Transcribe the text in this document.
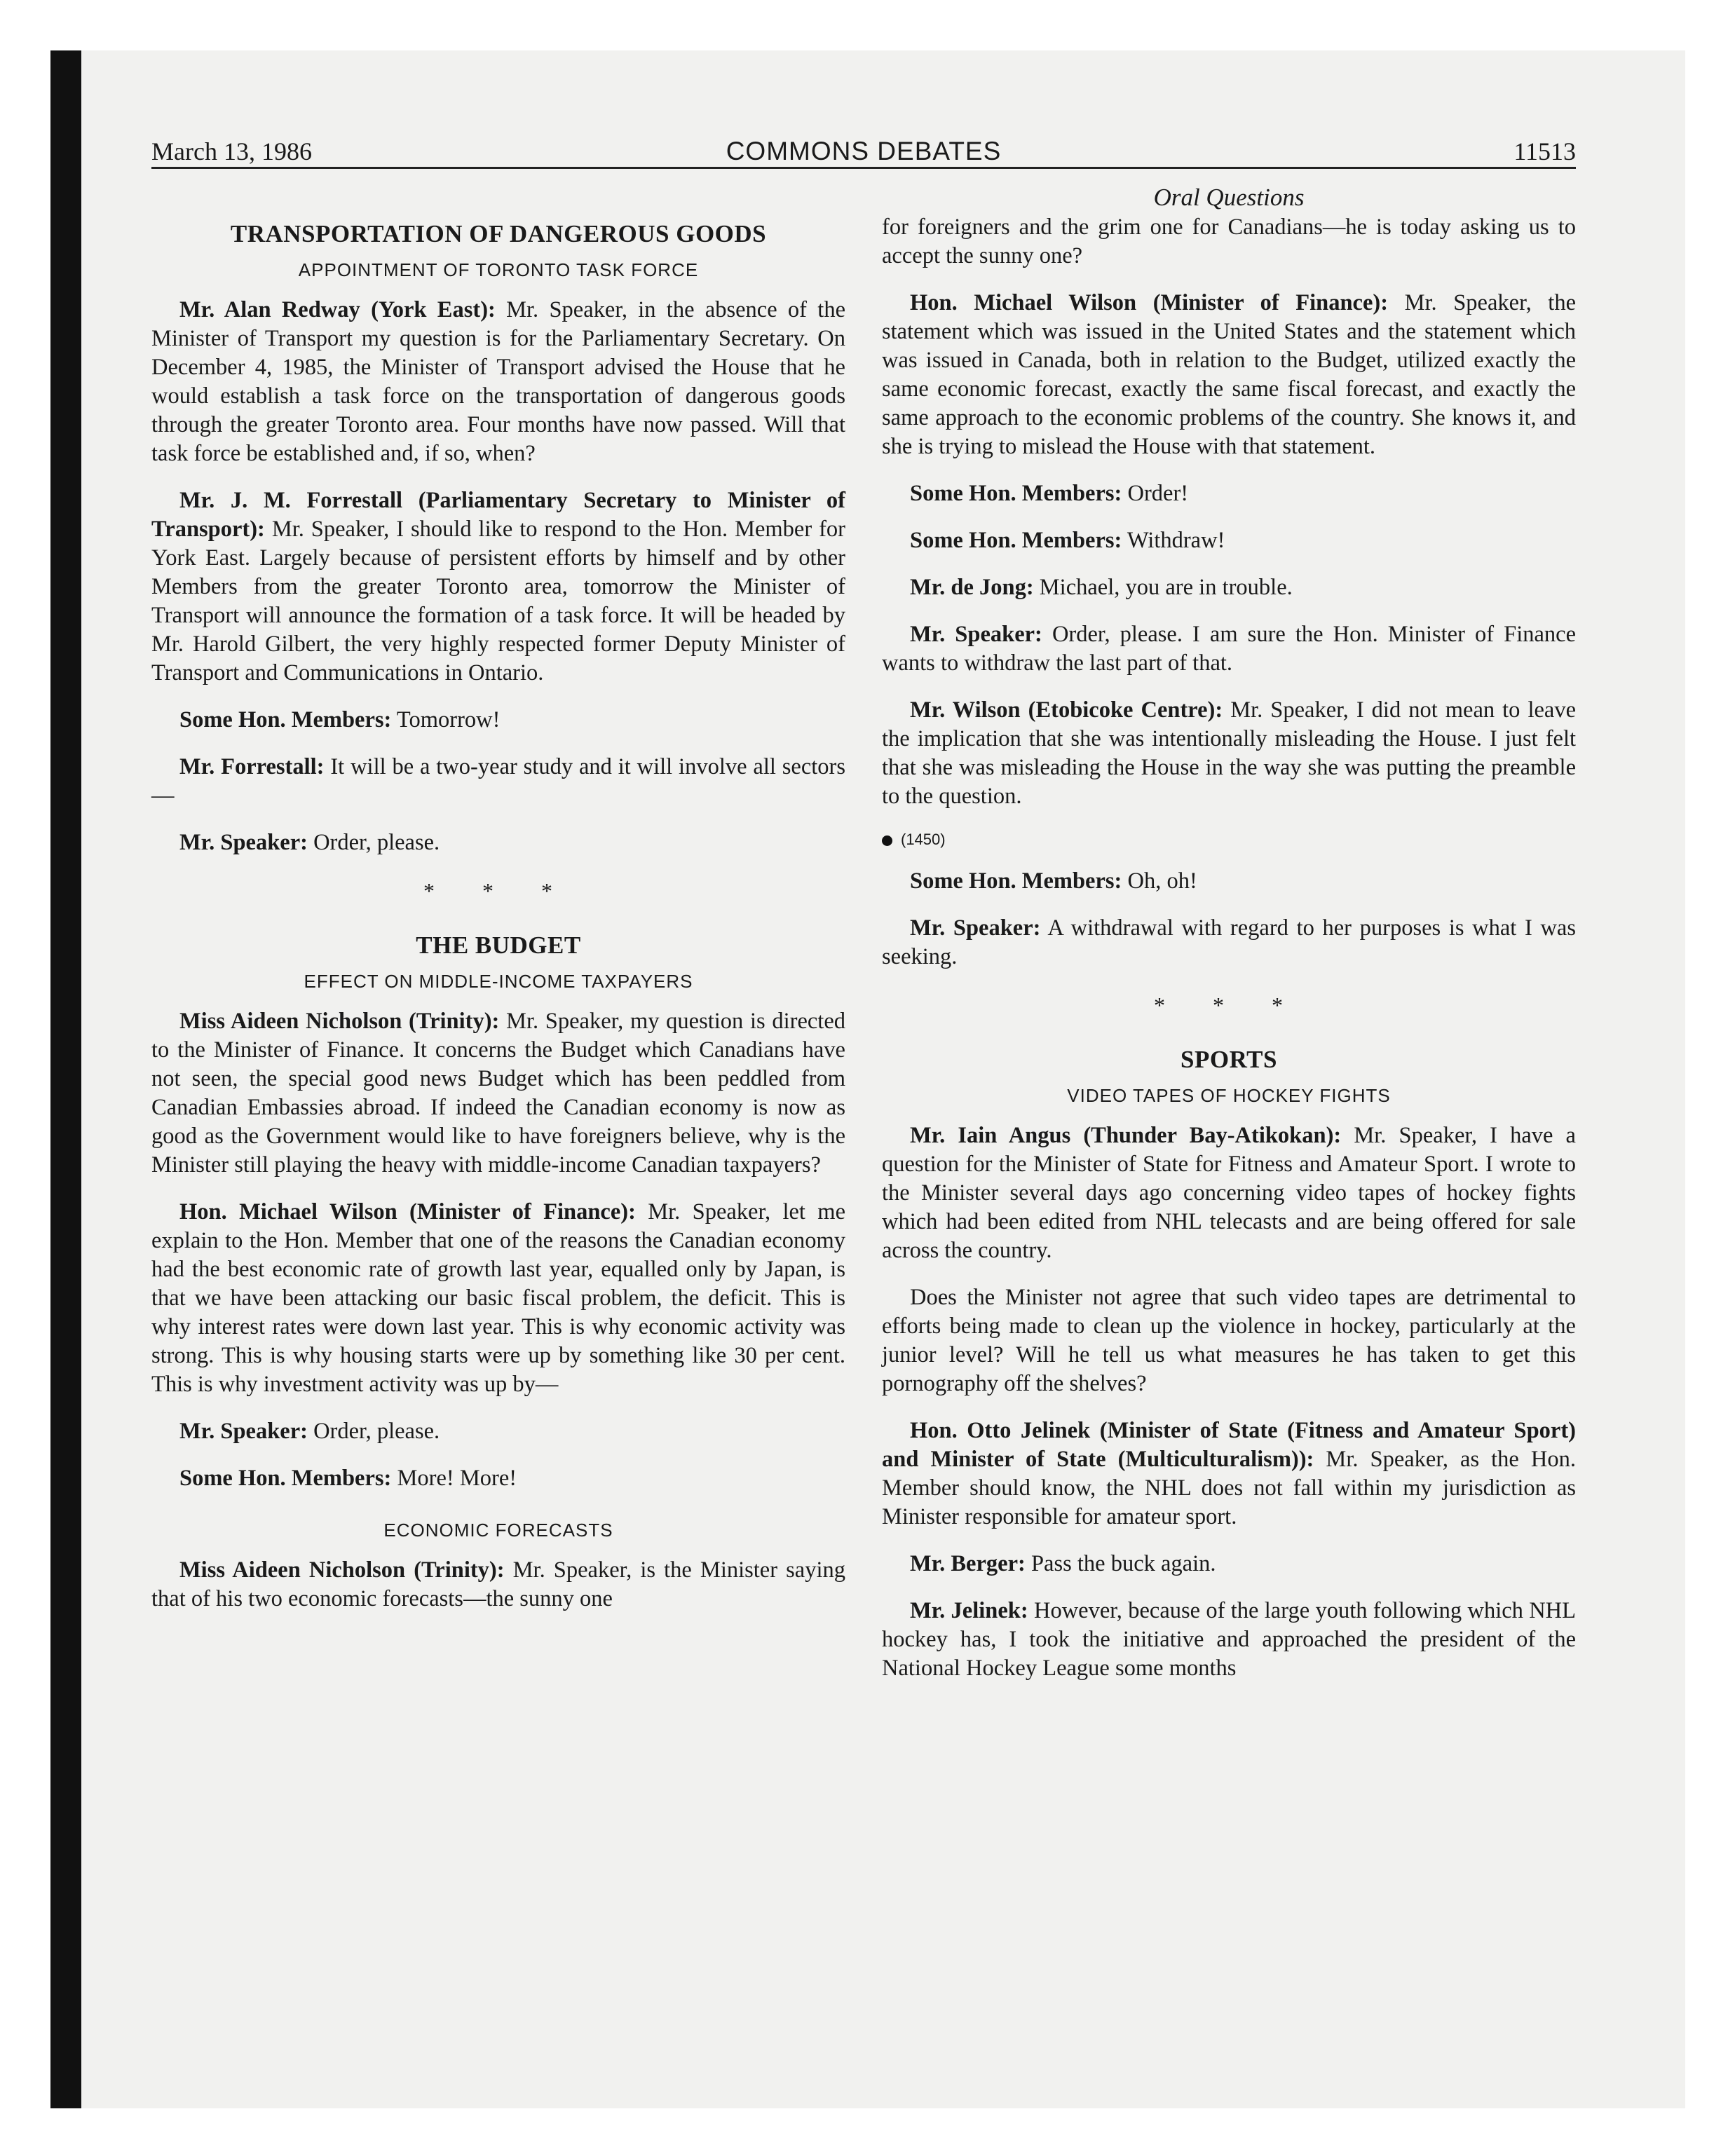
March 13, 1986	COMMONS DEBATES	11513
TRANSPORTATION OF DANGEROUS GOODS
APPOINTMENT OF TORONTO TASK FORCE

Mr. Alan Redway (York East): Mr. Speaker, in the absence of the Minister of Transport my question is for the Parliamentary Secretary. On December 4, 1985, the Minister of Transport advised the House that he would establish a task force on the transportation of dangerous goods through the greater Toronto area. Four months have now passed. Will that task force be established and, if so, when?

Mr. J. M. Forrestall (Parliamentary Secretary to Minister of Transport): Mr. Speaker, I should like to respond to the Hon. Member for York East. Largely because of persistent efforts by himself and by other Members from the greater Toronto area, tomorrow the Minister of Transport will announce the formation of a task force. It will be headed by Mr. Harold Gilbert, the very highly respected former Deputy Minister of Transport and Communications in Ontario.

Some Hon. Members: Tomorrow!

Mr. Forrestall: It will be a two-year study and it will involve all sectors—

Mr. Speaker: Order, please.

* * *
THE BUDGET
EFFECT ON MIDDLE-INCOME TAXPAYERS

Miss Aideen Nicholson (Trinity): Mr. Speaker, my question is directed to the Minister of Finance. It concerns the Budget which Canadians have not seen, the special good news Budget which has been peddled from Canadian Embassies abroad. If indeed the Canadian economy is now as good as the Government would like to have foreigners believe, why is the Minister still playing the heavy with middle-income Canadian taxpayers?

Hon. Michael Wilson (Minister of Finance): Mr. Speaker, let me explain to the Hon. Member that one of the reasons the Canadian economy had the best economic rate of growth last year, equalled only by Japan, is that we have been attacking our basic fiscal problem, the deficit. This is why interest rates were down last year. This is why economic activity was strong. This is why housing starts were up by something like 30 per cent. This is why investment activity was up by—

Mr. Speaker: Order, please.

Some Hon. Members: More! More!

ECONOMIC FORECASTS

Miss Aideen Nicholson (Trinity): Mr. Speaker, is the Minister saying that of his two economic forecasts—the sunny one

Oral Questions

for foreigners and the grim one for Canadians—he is today asking us to accept the sunny one?

Hon. Michael Wilson (Minister of Finance): Mr. Speaker, the statement which was issued in the United States and the statement which was issued in Canada, both in relation to the Budget, utilized exactly the same economic forecast, exactly the same fiscal forecast, and exactly the same approach to the economic problems of the country. She knows it, and she is trying to mislead the House with that statement.

Some Hon. Members: Order!

Some Hon. Members: Withdraw!

Mr. de Jong: Michael, you are in trouble.

Mr. Speaker: Order, please. I am sure the Hon. Minister of Finance wants to withdraw the last part of that.

Mr. Wilson (Etobicoke Centre): Mr. Speaker, I did not mean to leave the implication that she was intentionally misleading the House. I just felt that she was misleading the House in the way she was putting the preamble to the question.

(1450)

Some Hon. Members: Oh, oh!

Mr. Speaker: A withdrawal with regard to her purposes is what I was seeking.

* * *
SPORTS
VIDEO TAPES OF HOCKEY FIGHTS

Mr. Iain Angus (Thunder Bay-Atikokan): Mr. Speaker, I have a question for the Minister of State for Fitness and Amateur Sport. I wrote to the Minister several days ago concerning video tapes of hockey fights which had been edited from NHL telecasts and are being offered for sale across the country.

Does the Minister not agree that such video tapes are detrimental to efforts being made to clean up the violence in hockey, particularly at the junior level? Will he tell us what measures he has taken to get this pornography off the shelves?

Hon. Otto Jelinek (Minister of State (Fitness and Amateur Sport) and Minister of State (Multiculturalism)): Mr. Speaker, as the Hon. Member should know, the NHL does not fall within my jurisdiction as Minister responsible for amateur sport.

Mr. Berger: Pass the buck again.

Mr. Jelinek: However, because of the large youth following which NHL hockey has, I took the initiative and approached the president of the National Hockey League some months
